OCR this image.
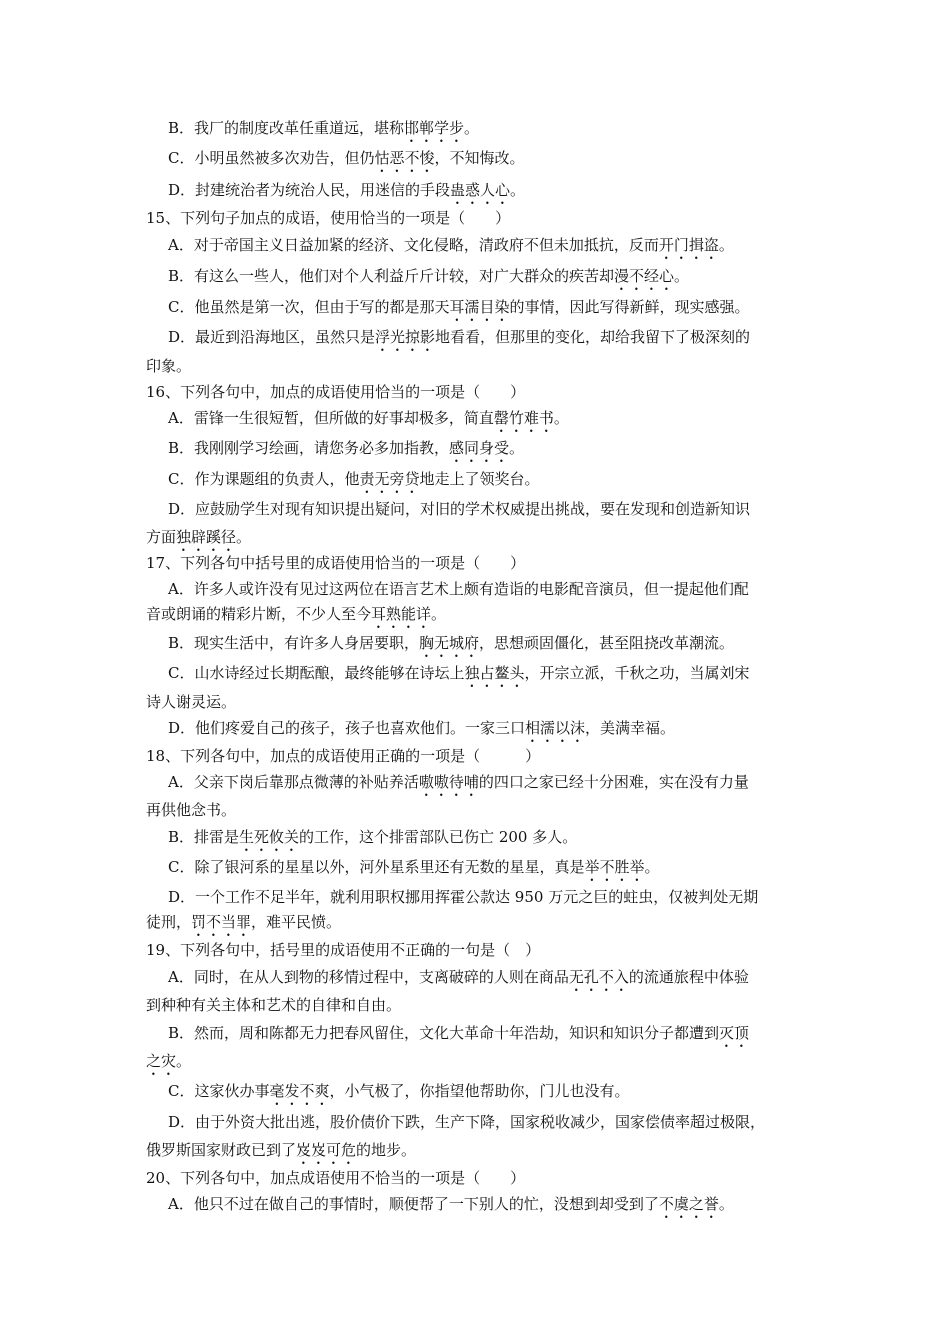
B．我厂的制度改革任重道远，堪称邯郸学步。
C．小明虽然被多次劝告，但仍怙恶不悛，不知悔改。
D．封建统治者为统治人民，用迷信的手段蛊惑人心。
15、下列句子加点的成语，使用恰当的一项是（　　）
A．对于帝国主义日益加紧的经济、文化侵略，清政府不但未加抵抗，反而开门揖盗。
B．有这么一些人，他们对个人利益斤斤计较，对广大群众的疾苦却漫不经心。
C．他虽然是第一次，但由于写的都是那天耳濡目染的事情，因此写得新鲜，现实感强。
D．最近到沿海地区，虽然只是浮光掠影地看看，但那里的变化，却给我留下了极深刻的
印象。
16、下列各句中，加点的成语使用恰当的一项是（　　）
A．雷锋一生很短暂，但所做的好事却极多，简直罄竹难书。
B．我刚刚学习绘画，请您务必多加指教，感同身受。
C．作为课题组的负责人，他责无旁贷地走上了领奖台。
D．应鼓励学生对现有知识提出疑问，对旧的学术权威提出挑战，要在发现和创造新知识
方面独辟蹊径。
17、下列各句中括号里的成语使用恰当的一项是（　　）
A．许多人或许没有见过这两位在语言艺术上颇有造诣的电影配音演员，但一提起他们配
音或朗诵的精彩片断，不少人至今耳熟能详。
B．现实生活中，有许多人身居要职，胸无城府，思想顽固僵化，甚至阻挠改革潮流。
C．山水诗经过长期酝酿，最终能够在诗坛上独占鳌头，开宗立派，千秋之功，当属刘宋
诗人谢灵运。
D．他们疼爱自己的孩子，孩子也喜欢他们。一家三口相濡以沫，美满幸福。
18、下列各句中，加点的成语使用正确的一项是（　　　）
A．父亲下岗后靠那点微薄的补贴养活嗷嗷待哺的四口之家已经十分困难，实在没有力量
再供他念书。
B．排雷是生死攸关的工作，这个排雷部队已伤亡 200 多人。
C．除了银河系的星星以外，河外星系里还有无数的星星，真是举不胜举。
D．一个工作不足半年，就利用职权挪用挥霍公款达 950 万元之巨的蛀虫，仅被判处无期
徒刑，罚不当罪，难平民愤。
19、下列各句中，括号里的成语使用不正确的一句是（　）
A．同时，在从人到物的移情过程中，支离破碎的人则在商品无孔不入的流通旅程中体验
到种种有关主体和艺术的自律和自由。
B．然而，周和陈都无力把春风留住，文化大革命十年浩劫，知识和知识分子都遭到灭顶
之灾。
C．这家伙办事毫发不爽，小气极了，你指望他帮助你，门儿也没有。
D．由于外资大批出逃，股价债价下跌，生产下降，国家税收减少，国家偿债率超过极限，
俄罗斯国家财政已到了岌岌可危的地步。
20、下列各句中，加点成语使用不恰当的一项是（　　）
A．他只不过在做自己的事情时，顺便帮了一下别人的忙，没想到却受到了不虞之誉。
